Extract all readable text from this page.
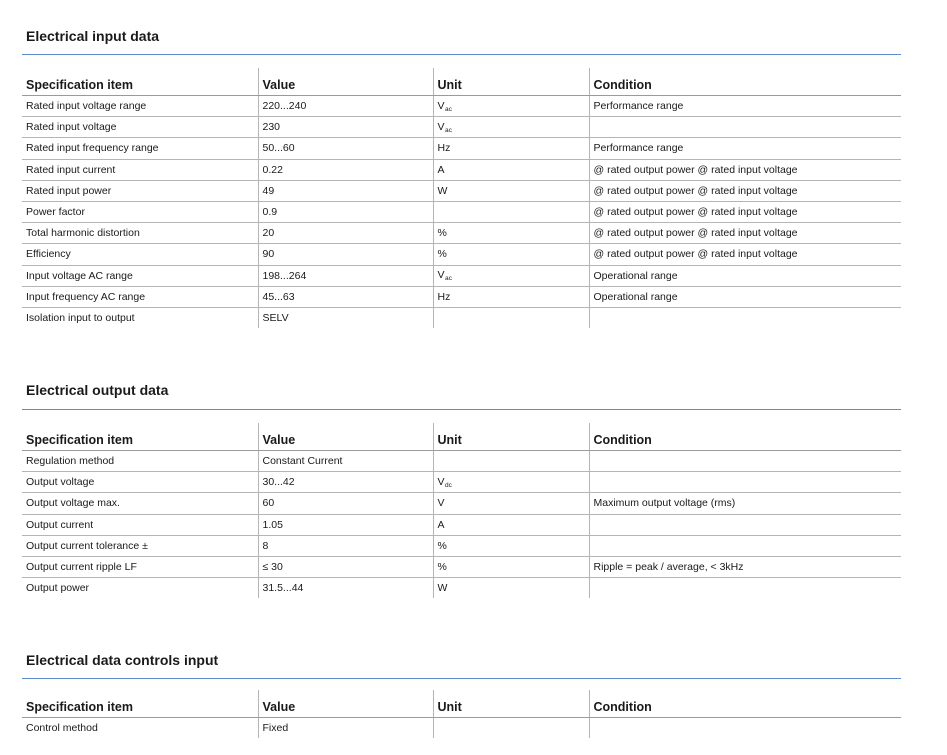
Electrical input data
Specification item	Value	Unit	Condition
Rated input voltage range	220...240	$V_{ac}$	Performance range
Rated input voltage	230	$V_{ac}$	
Rated input frequency range	50...60	Hz	Performance range
Rated input current	0.22	A	@ rated output power @ rated input voltage
Rated input power	49	W	@ rated output power @ rated input voltage
Power factor	0.9		@ rated output power @ rated input voltage
Total harmonic distortion	20	%	@ rated output power @ rated input voltage
Efficiency	90	%	@ rated output power @ rated input voltage
Input voltage AC range	198...264	$V_{ac}$	Operational range
Input frequency AC range	45...63	Hz	Operational range
Isolation input to output	SELV		
Electrical output data
Specification item	Value	Unit	Condition
Regulation method	Constant Current		
Output voltage	30...42	$V_{dc}$	
Output voltage max.	60	V	Maximum output voltage (rms)
Output current	1.05	A	
Output current tolerance ±	8	%	
Output current ripple LF	≤ 30	%	Ripple = peak / average, < 3kHz
Output power	31.5...44	W	
Electrical data controls input
Specification item	Value	Unit	Condition
Control method	Fixed		
